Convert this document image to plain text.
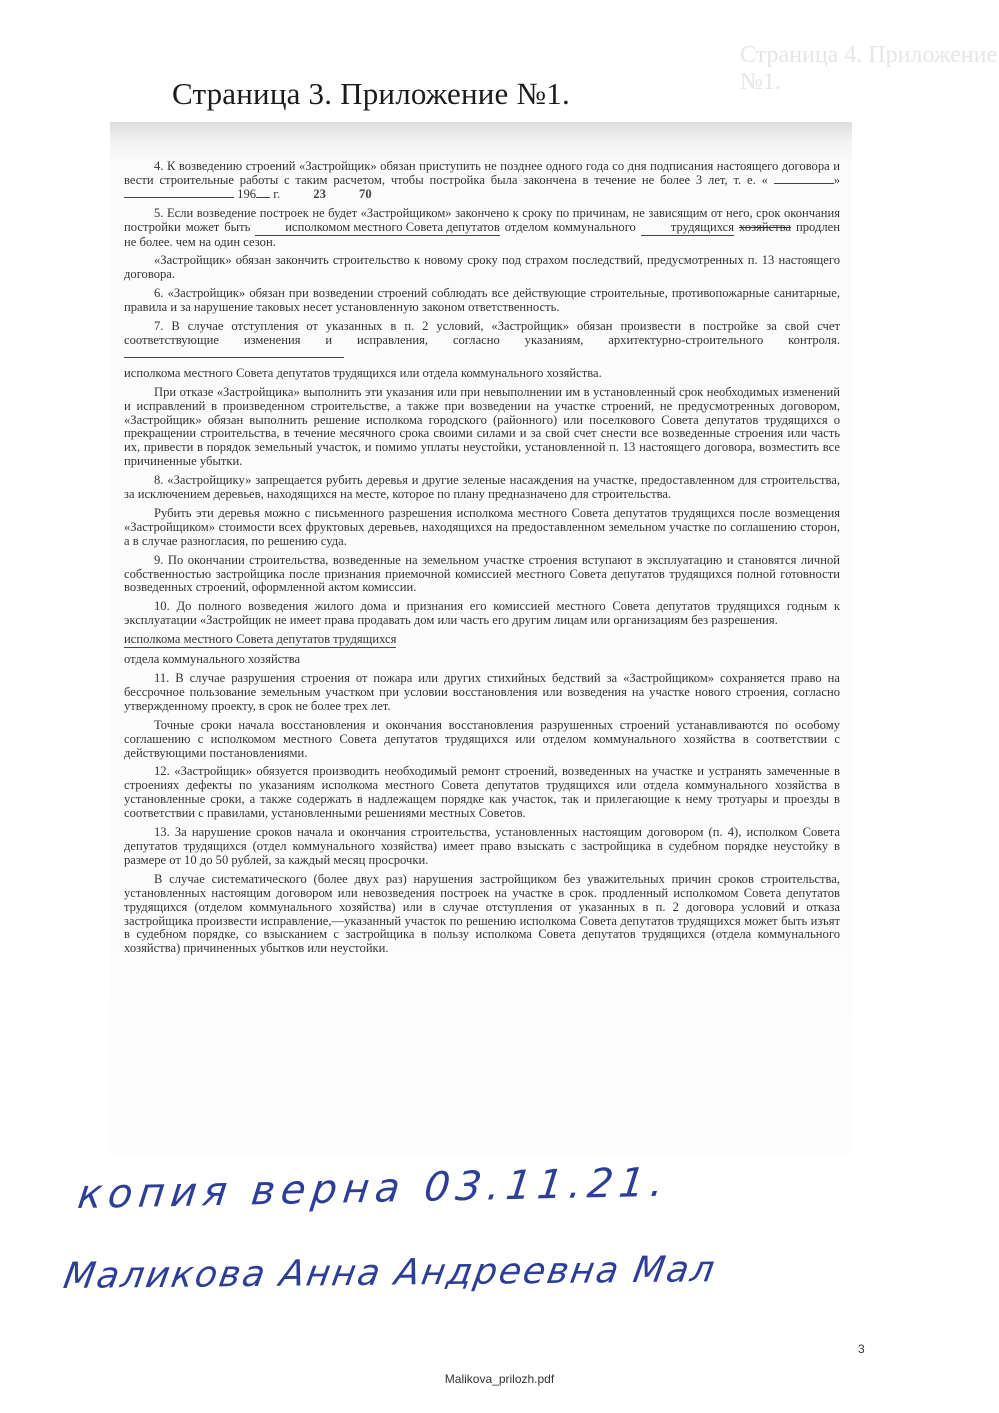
Страница 4. Приложение №1.
Страница 3. Приложение №1.

4. К возведению строений «Застройщик» обязан приступить не позднее одного года со дня подписания настоящего договора и вести строительные работы с таким расчетом, чтобы постройка была закончена в течение не более 3 лет, т. е. «	»  196 г.	23	70

5. Если возведение построек не будет «Застройщиком» закончено к сроку по причинам, не зависящим от него, срок окончания постройки может быть	исполкомом местного Совета депутатов отделом коммунального	трудящихся хозяйства продлен не более. чем на один сезон.

«Застройщик» обязан закончить строительство к новому сроку под страхом последствий, предусмотренных п. 13 настоящего договора.

6. «Застройщик» обязан при возведении строений соблюдать все действующие строительные, противопожарные санитарные, правила и за нарушение таковых несет установленную законом ответственность.

7. В случае отступления от указанных в п. 2 условий, «Застройщик» обязан произвести в постройке за свой счет соответствующие изменения и исправления, согласно указаниям, архитектурно-строительного контроля.

исполкома местного Совета депутатов трудящихся или отдела коммунального хозяйства.

При отказе «Застройщика» выполнить эти указания или при невыполнении им в установленный срок необходимых изменений и исправлений в произведенном строительстве, а также при возведении на участке строений, не предусмотренных договором, «Застройщик» обязан выполнить решение исполкома городского (районного) или поселкового Совета депутатов трудящихся о прекращении строительства, в течение месячного срока своими силами и за свой счет снести все возведенные строения или часть их, привести в порядок земельный участок, и помимо уплаты неустойки, установленной п. 13 настоящего договора, возместить все причиненные убытки.

8. «Застройщику» запрещается рубить деревья и другие зеленые насаждения на участке, предоставленном для строительства, за исключением деревьев, находящихся на месте, которое по плану предназначено для строительства.

Рубить эти деревья можно с письменного разрешения исполкома местного Совета депутатов трудящихся после возмещения «Застройщиком» стоимости всех фруктовых деревьев, находящихся на предоставленном земельном участке по соглашению сторон, а в случае разногласия, по решению суда.

9. По окончании строительства, возведенные на земельном участке строения вступают в эксплуатацию и становятся личной собственностью застройщика после признания приемочной комиссией местного Совета депутатов трудящихся полной готовности возведенных строений, оформленной актом комиссии.

10. До полного возведения жилого дома и признания его комиссией местного Совета депутатов трудящихся годным к эксплуатации «Застройщик не имеет права продавать дом или часть его другим лицам или организациям без разрешения.

исполкома местного Совета депутатов трудящихся

отдела коммунального хозяйства

11. В случае разрушения строения от пожара или других стихийных бедствий за «Застройщиком» сохраняется право на бессрочное пользование земельным участком при условии восстановления или возведения на участке нового строения, согласно утвержденному проекту, в срок не более трех лет.

Точные сроки начала восстановления и окончания восстановления разрушенных строений устанавливаются по особому соглашению с исполкомом местного Совета депутатов трудящихся или отделом коммунального хозяйства в соответствии с действующими постановлениями.

12. «Застройщик» обязуется производить необходимый ремонт строений, возведенных на участке и устранять замеченные в строениях дефекты по указаниям исполкома местного Совета депутатов трудящихся или отдела коммунального хозяйства в установленные сроки, а также содержать в надлежащем порядке как участок, так и прилегающие к нему тротуары и проезды в соответствии с правилами, установленными решениями местных Советов.

13. За нарушение сроков начала и окончания строительства, установленных настоящим договором (п. 4), исполком Совета депутатов трудящихся (отдел коммунального хозяйства) имеет право взыскать с застройщика в судебном порядке неустойку в размере от 10 до 50 рублей, за каждый месяц просрочки.

В случае систематического (более двух раз) нарушения застройщиком без уважительных причин сроков строительства, установленных настоящим договором или невозведения построек на участке в срок. продленный исполкомом Совета депутатов трудящихся (отделом коммунального хозяйства) или в случае отступления от указанных в п. 2 договора условий и отказа застройщика произвести исправление,—указанный участок по решению исполкома Совета депутатов трудящихся может быть изъят в судебном порядке, со взысканием с застройщика в пользу исполкома Совета депутатов трудящихся (отдела коммунального хозяйства) причиненных убытков или неустойки.

копия верна 03.11.21.
Маликова Анна Андреевна Мал
3
Malikova_prilozh.pdf
